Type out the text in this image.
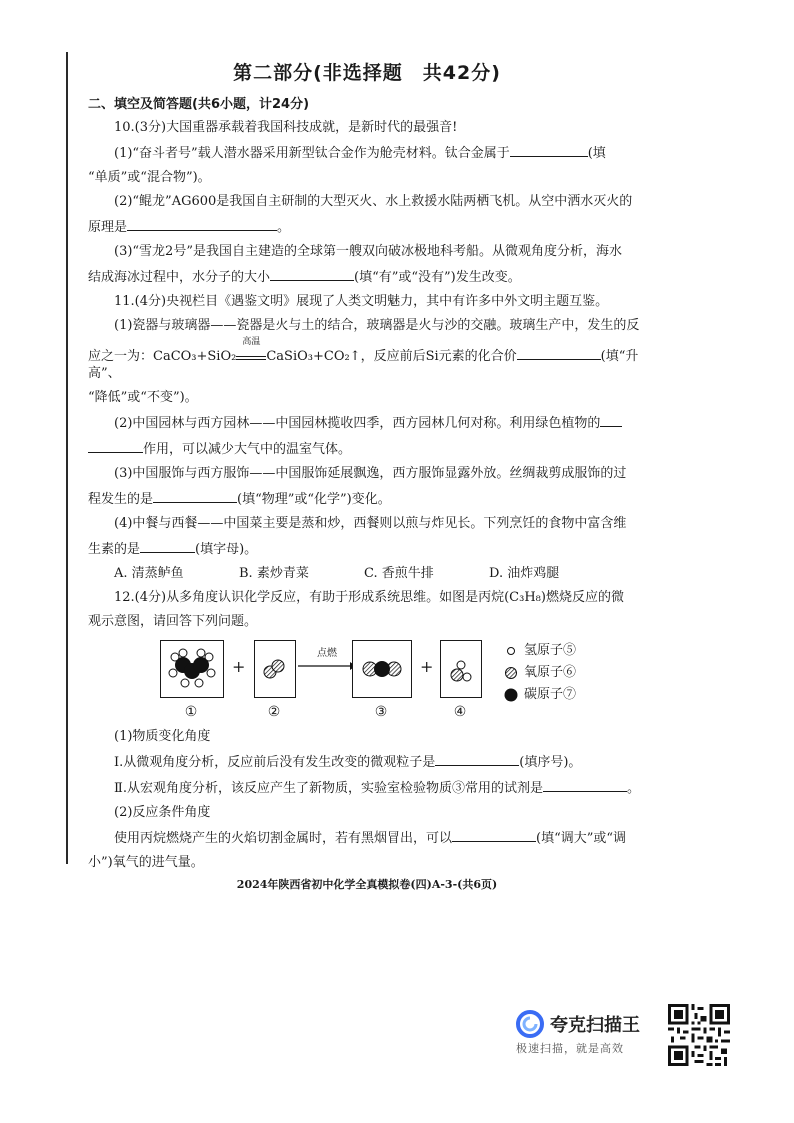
第二部分(非选择题　共42分)

二、填空及简答题(共6小题，计24分)

10.(3分)大国重器承载着我国科技成就，是新时代的最强音!

(1)“奋斗者号”载人潜水器采用新型钛合金作为舱壳材料。钛合金属于	(填

“单质”或“混合物”)。

(2)“鲲龙”AG600是我国自主研制的大型灭火、水上救援水陆两栖飞机。从空中洒水灭火的

原理是	。

(3)“雪龙2号”是我国自主建造的全球第一艘双向破冰极地科考船。从微观角度分析，海水

结成海冰过程中，水分子的大小	(填“有”或“没有”)发生改变。

11.(4分)央视栏目《遇鉴文明》展现了人类文明魅力，其中有许多中外文明主题互鉴。

(1)瓷器与玻璃器——瓷器是火与土的结合，玻璃器是火与沙的交融。玻璃生产中，发生的反

应之一为：CaCO₃+SiO₂
高温
CaSiO₃+CO₂↑，反应前后Si元素的化合价	(填“升高”、

“降低”或“不变”)。

(2)中国园林与西方园林——中国园林揽收四季，西方园林几何对称。利用绿色植物的

作用，可以减少大气中的温室气体。

(3)中国服饰与西方服饰——中国服饰延展飘逸，西方服饰显露外放。丝绸裁剪成服饰的过

程发生的是	(填“物理”或“化学”)变化。

(4)中餐与西餐——中国菜主要是蒸和炒，西餐则以煎与炸见长。下列烹饪的食物中富含维

生素的是	(填字母)。

A. 清蒸鲈鱼	B. 素炒青菜	C. 香煎牛排	D. 油炸鸡腿

12.(4分)从多角度认识化学反应，有助于形成系统思维。如图是丙烷(C₃H₈)燃烧反应的微

观示意图，请回答下列问题。

①
+
②
点燃
③
+
④
氢原子⑤
氧原子⑥
碳原子⑦

(1)物质变化角度

Ⅰ.从微观角度分析，反应前后没有发生改变的微观粒子是	(填序号)。

Ⅱ.从宏观角度分析，该反应产生了新物质，实验室检验物质③常用的试剂是	。

(2)反应条件角度

使用丙烷燃烧产生的火焰切割金属时，若有黑烟冒出，可以	(填“调大”或“调

小”)氧气的进气量。

2024年陕西省初中化学全真模拟卷(四)A-3-(共6页)
夸克扫描王
极速扫描，就是高效
